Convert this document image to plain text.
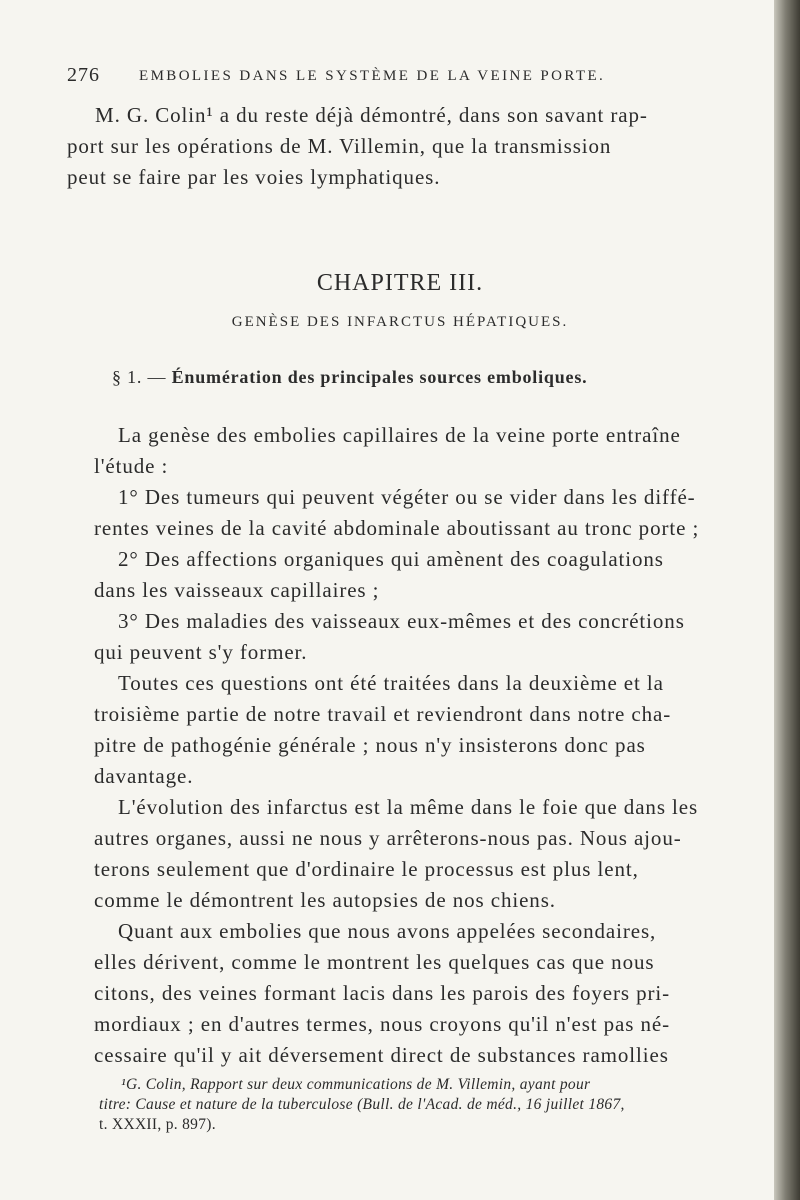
276	EMBOLIES DANS LE SYSTÈME DE LA VEINE PORTE.
M. G. Colin¹ a du reste déjà démontré, dans son savant rap-
port sur les opérations de M. Villemin, que la transmission
peut se faire par les voies lymphatiques.
CHAPITRE III.
GENÈSE DES INFARCTUS HÉPATIQUES.
§ 1. — Énumération des principales sources emboliques.
La genèse des embolies capillaires de la veine porte entraîne
l'étude :
1° Des tumeurs qui peuvent végéter ou se vider dans les diffé-
rentes veines de la cavité abdominale aboutissant au tronc porte ;
2° Des affections organiques qui amènent des coagulations
dans les vaisseaux capillaires ;
3° Des maladies des vaisseaux eux-mêmes et des concrétions
qui peuvent s'y former.
Toutes ces questions ont été traitées dans la deuxième et la
troisième partie de notre travail et reviendront dans notre cha-
pitre de pathogénie générale ; nous n'y insisterons donc pas
davantage.
L'évolution des infarctus est la même dans le foie que dans les
autres organes, aussi ne nous y arrêterons-nous pas. Nous ajou-
terons seulement que d'ordinaire le processus est plus lent,
comme le démontrent les autopsies de nos chiens.
Quant aux embolies que nous avons appelées secondaires,
elles dérivent, comme le montrent les quelques cas que nous
citons, des veines formant lacis dans les parois des foyers pri-
mordiaux ; en d'autres termes, nous croyons qu'il n'est pas né-
cessaire qu'il y ait déversement direct de substances ramollies
¹G. Colin, Rapport sur deux communications de M. Villemin, ayant pour
titre: Cause et nature de la tuberculose (Bull. de l'Acad. de méd., 16 juillet 1867,
t. XXXII, p. 897).
